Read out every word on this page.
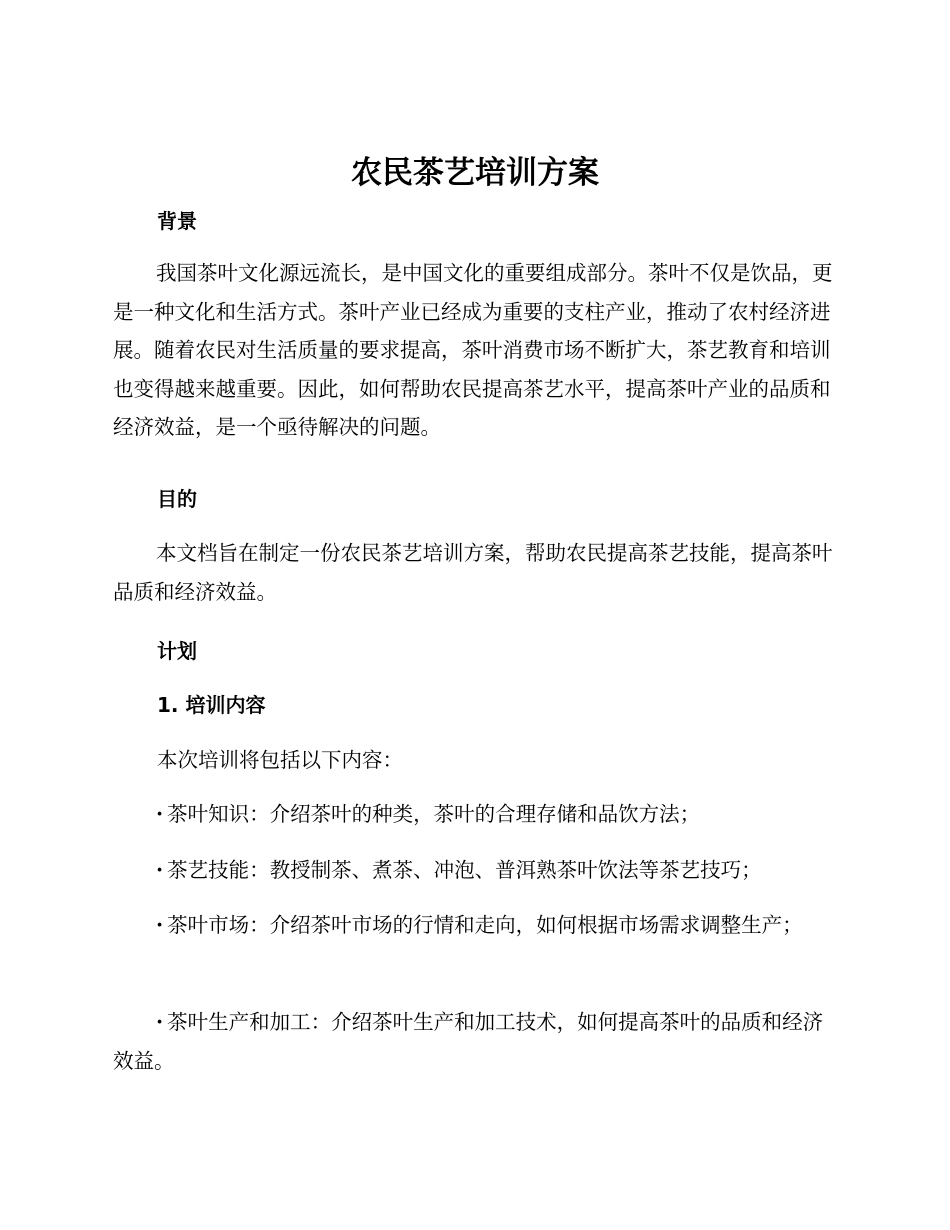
农民茶艺培训方案
背景

我国茶叶文化源远流长，是中国文化的重要组成部分。茶叶不仅是饮品，更是一种文化和生活方式。茶叶产业已经成为重要的支柱产业，推动了农村经济进展。随着农民对生活质量的要求提高，茶叶消费市场不断扩大，茶艺教育和培训也变得越来越重要。因此，如何帮助农民提高茶艺水平，提高茶叶产业的品质和经济效益，是一个亟待解决的问题。

目的

本文档旨在制定一份农民茶艺培训方案，帮助农民提高茶艺技能，提高茶叶品质和经济效益。

计划
1. 培训内容

本次培训将包括以下内容：

· 茶叶知识：介绍茶叶的种类，茶叶的合理存储和品饮方法；

· 茶艺技能：教授制茶、煮茶、冲泡、普洱熟茶叶饮法等茶艺技巧；

· 茶叶市场：介绍茶叶市场的行情和走向，如何根据市场需求调整生产；

· 茶叶生产和加工：介绍茶叶生产和加工技术，如何提高茶叶的品质和经济效益。
